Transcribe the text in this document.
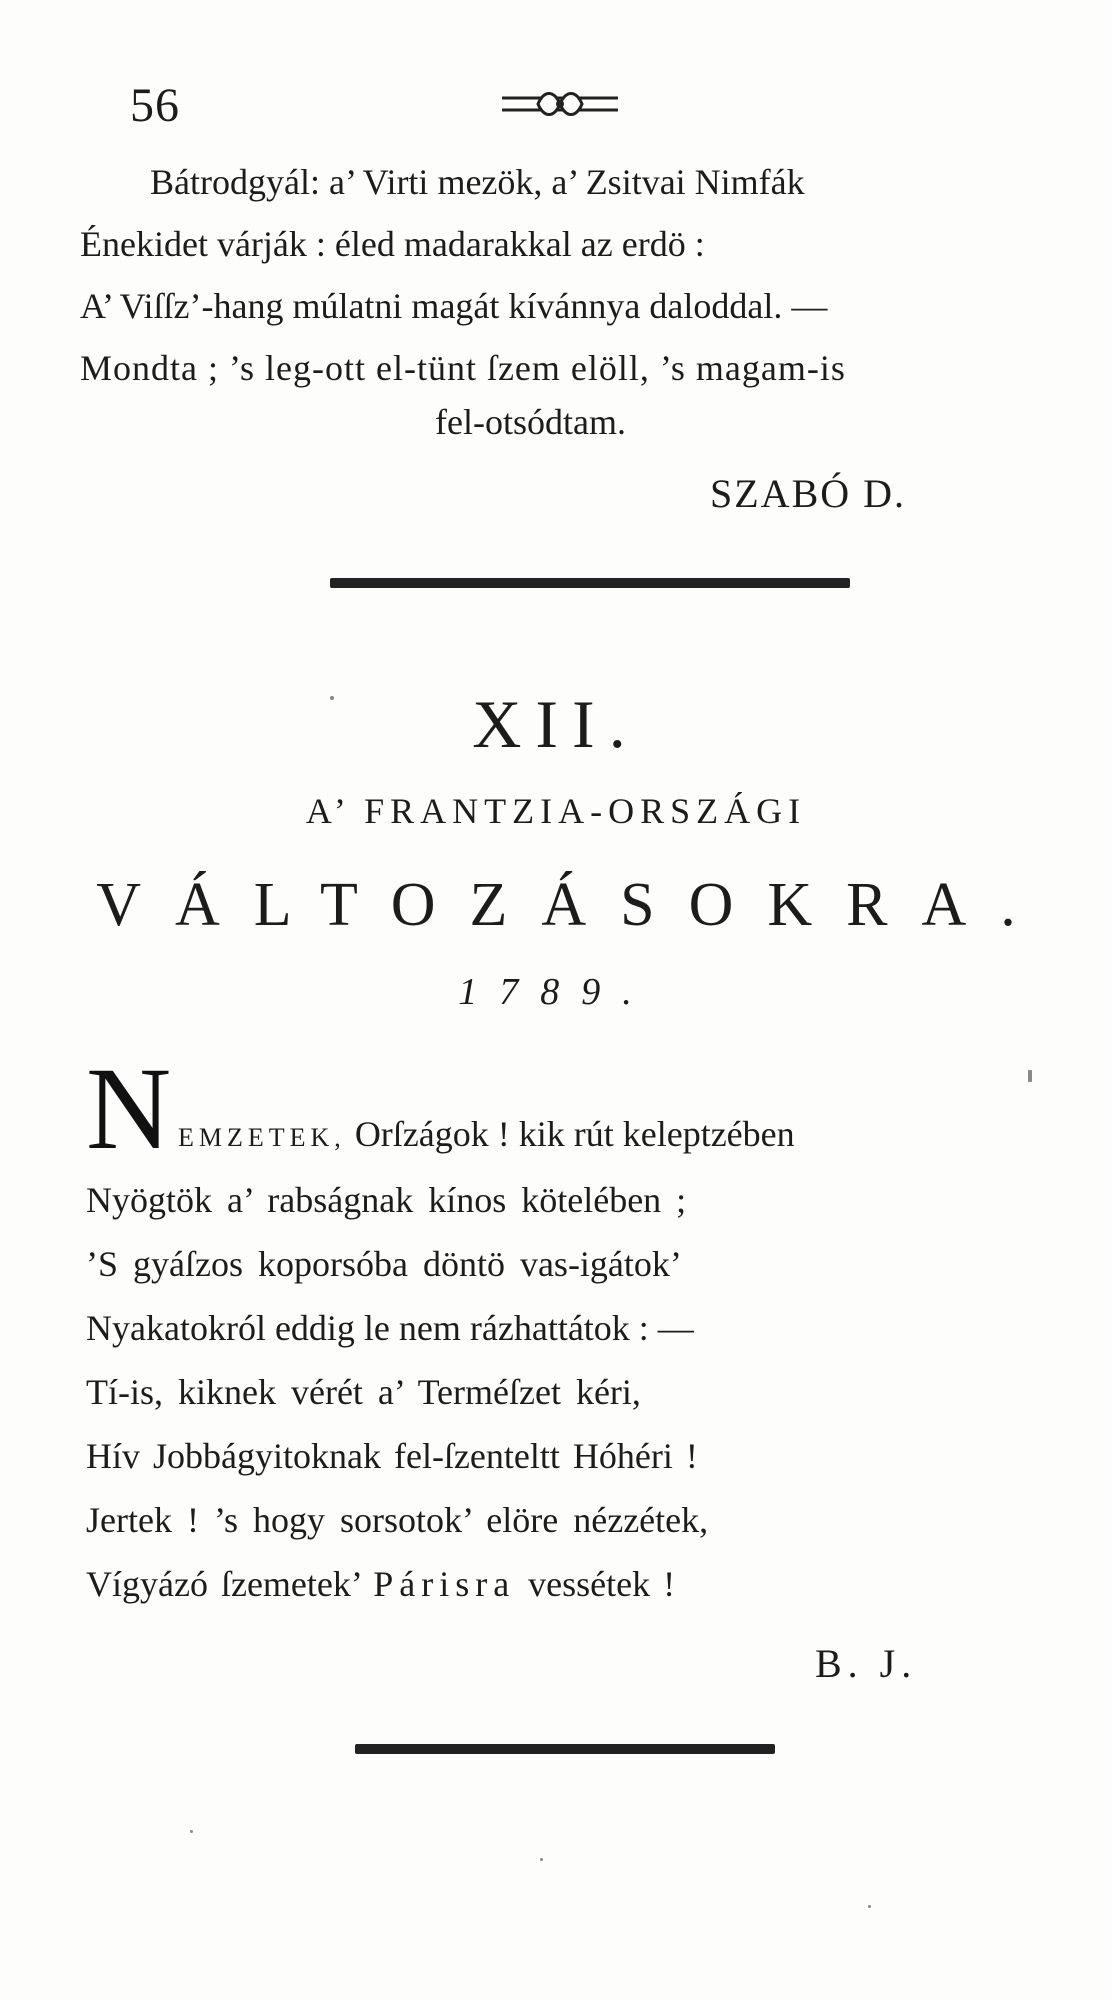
56
Bátrodgyál: a’ Virti mezök, a’ Zsitvai Nimfák
Énekidet várják : éled madarakkal az erdö :
A’ Viſſz’-hang múlatni magát kívánnya daloddal. —
Mondta ; ’s leg-ott el-tünt ſzem elöll, ’s magam-is
fel-otsódtam.
SZABÓ D.
XII.
A’ FRANTZIA-ORSZÁGI
VÁLTOZÁSOKRA.
1789.
N EMZETEK, Orſzágok ! kik rút keleptzében
Nyögtök a’ rabságnak kínos kötelében ;
’S gyáſzos koporsóba döntö vas-igátok’
Nyakatokról eddig le nem rázhattátok : —
Tí-is, kiknek vérét a’ Terméſzet kéri,
Hív Jobbágyitoknak fel-ſzenteltt Hóhéri !
Jertek ! ’s hogy sorsotok’ elöre nézzétek,
Vígyázó ſzemetek’ Párisra vessétek !
B. J.
